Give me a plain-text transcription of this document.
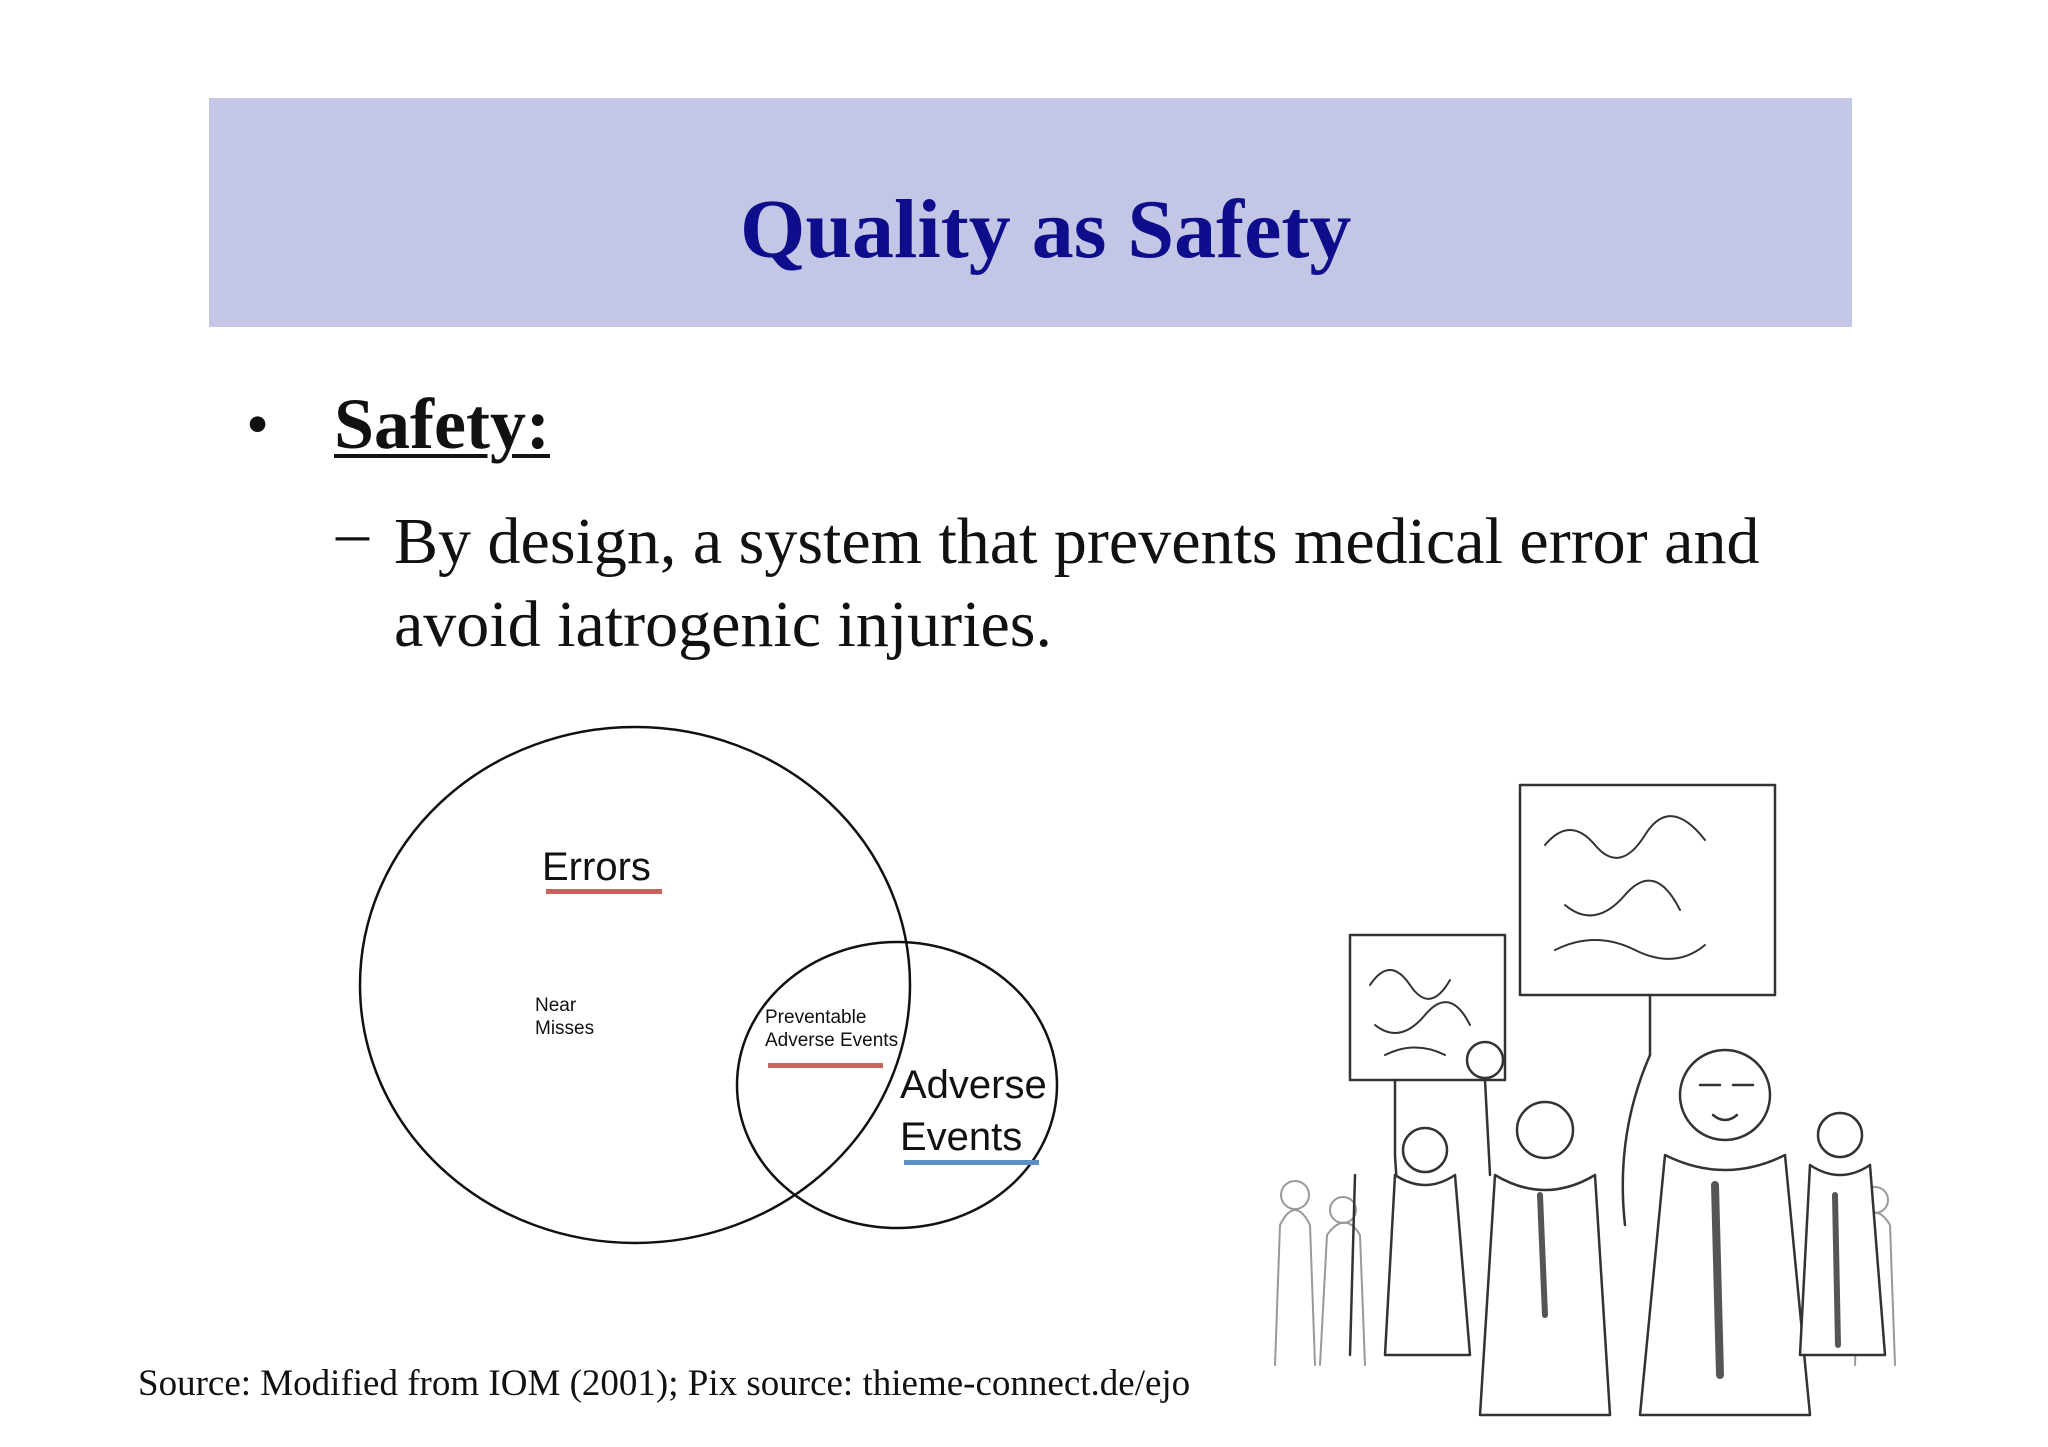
Quality as Safety
• Safety:
– By design, a system that prevents medical error and avoid iatrogenic injuries.
Errors
Near
Misses
Preventable
Adverse Events
Adverse
Events
Source: Modified from IOM (2001); Pix source: thieme-connect.de/ejo
